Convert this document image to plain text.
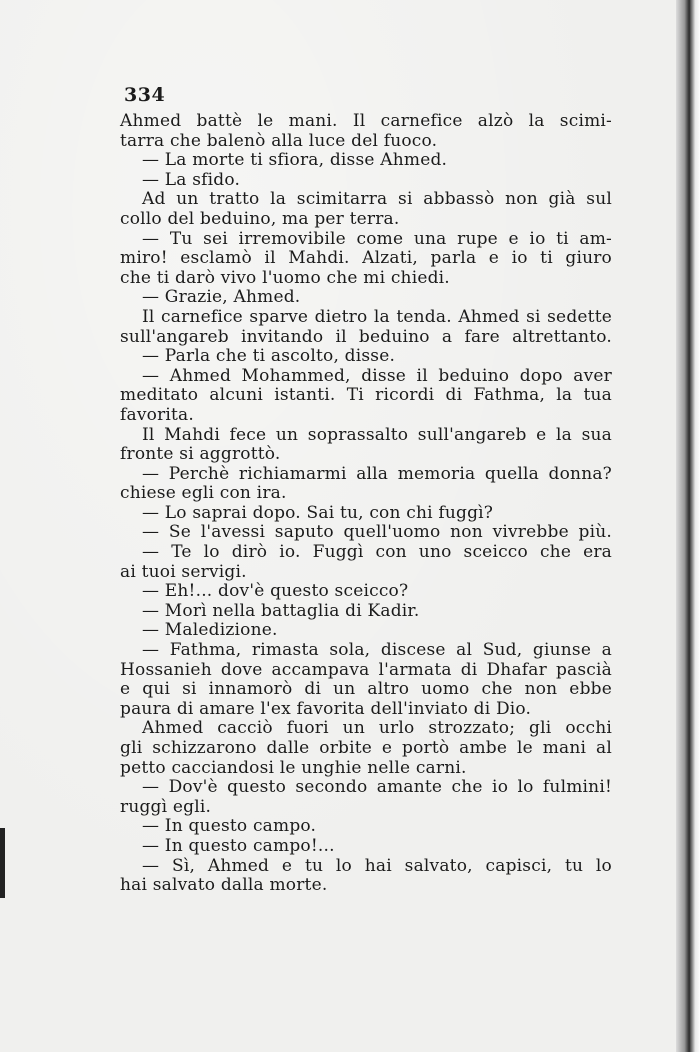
334
Ahmed battè le mani. Il carnefice alzò la scimi-
tarra che balenò alla luce del fuoco.
— La morte ti sfiora, disse Ahmed.
— La sfido.
Ad un tratto la scimitarra si abbassò non già sul
collo del beduino, ma per terra.
— Tu sei irremovibile come una rupe e io ti am-
miro! esclamò il Mahdi. Alzati, parla e io ti giuro
che ti darò vivo l'uomo che mi chiedi.
— Grazie, Ahmed.
Il carnefice sparve dietro la tenda. Ahmed si sedette
sull'angareb invitando il beduino a fare altrettanto.
— Parla che ti ascolto, disse.
— Ahmed Mohammed, disse il beduino dopo aver
meditato alcuni istanti. Ti ricordi di Fathma, la tua
favorita.
Il Mahdi fece un soprassalto sull'angareb e la sua
fronte si aggrottò.
— Perchè richiamarmi alla memoria quella donna?
chiese egli con ira.
— Lo saprai dopo. Sai tu, con chi fuggì?
— Se l'avessi saputo quell'uomo non vivrebbe più.
— Te lo dirò io. Fuggì con uno sceicco che era
ai tuoi servigi.
— Eh!... dov'è questo sceicco?
— Morì nella battaglia di Kadir.
— Maledizione.
— Fathma, rimasta sola, discese al Sud, giunse a
Hossanieh dove accampava l'armata di Dhafar pascià
e qui si innamorò di un altro uomo che non ebbe
paura di amare l'ex favorita dell'inviato di Dio.
Ahmed cacciò fuori un urlo strozzato; gli occhi
gli schizzarono dalle orbite e portò ambe le mani al
petto cacciandosi le unghie nelle carni.
— Dov'è questo secondo amante che io lo fulmini!
ruggì egli.
— In questo campo.
— In questo campo!...
— Sì, Ahmed e tu lo hai salvato, capisci, tu lo
hai salvato dalla morte.
